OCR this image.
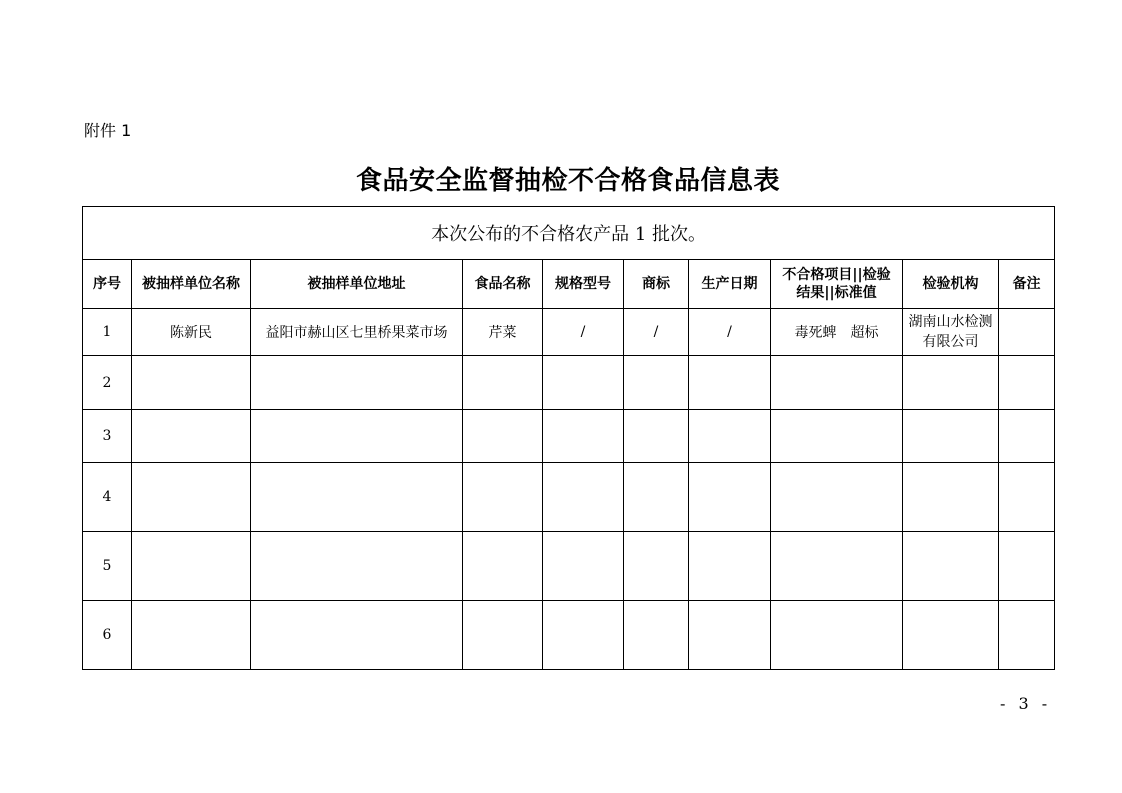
附件 1
食品安全监督抽检不合格食品信息表
本次公布的不合格农产品 1 批次。									
序号	被抽样单位名称	被抽样单位地址	食品名称	规格型号	商标	生产日期	不合格项目||检验
结果||标准值	检验机构	备注
1	陈新民	益阳市赫山区七里桥果菜市场	芹菜	/	/	/	毒死蜱　超标	湖南山水检测
有限公司	

2									
3									
4									
5									
6									
- 3 -
